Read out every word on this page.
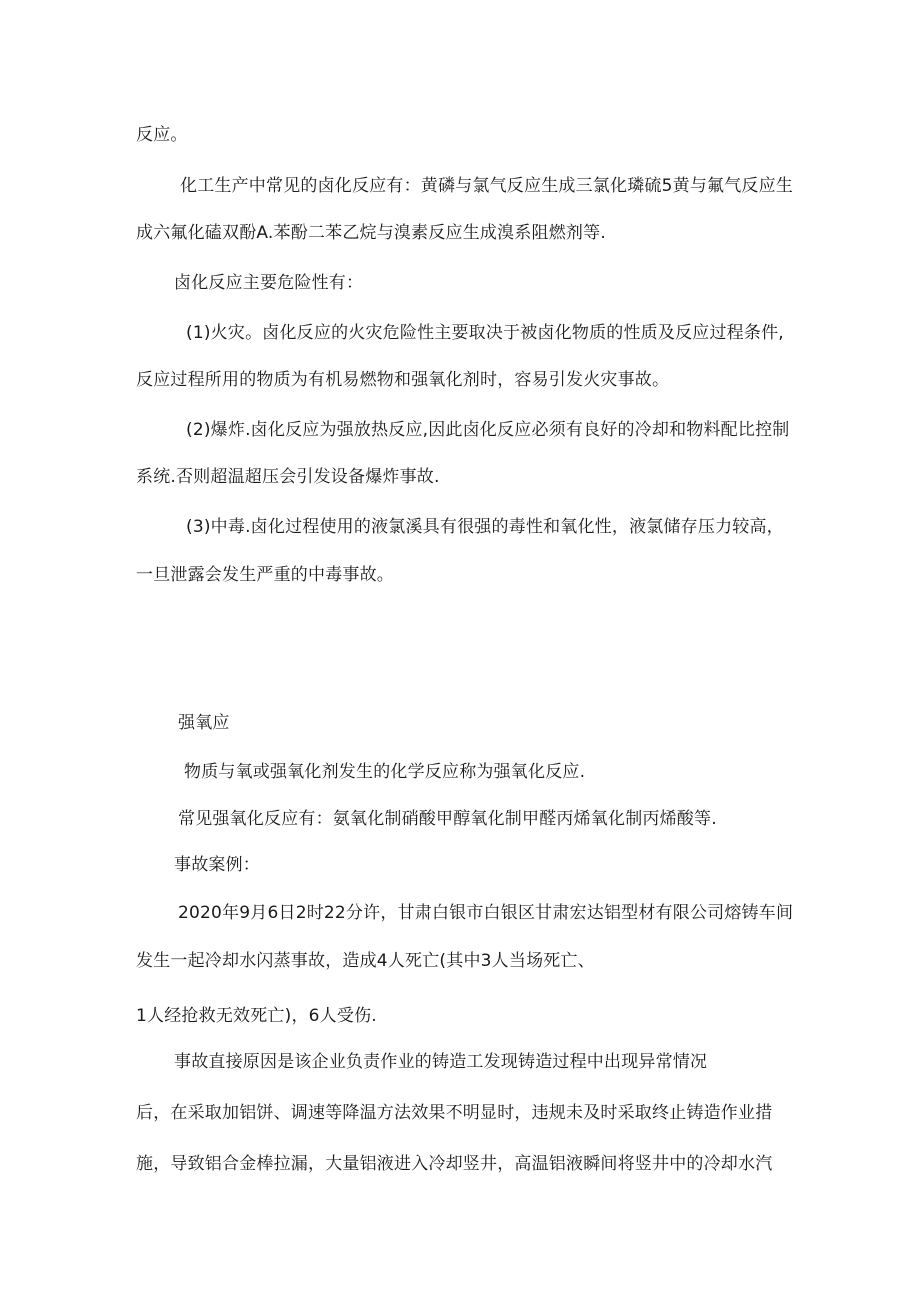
反应。
化工生产中常见的卤化反应有：黄磷与氯气反应生成三氯化璘硫5黄与氟气反应生
成六氟化磕双酚A.苯酚二苯乙烷与溴素反应生成溴系阻燃剂等.
卤化反应主要危险性有：
(1)火灾。卤化反应的火灾危险性主要取决于被卤化物质的性质及反应过程条件,
反应过程所用的物质为有机易燃物和强氧化剂时，容易引发火灾事故。
(2)爆炸.卤化反应为强放热反应,因此卤化反应必须有良好的冷却和物料配比控制
系统.否则超温超压会引发设备爆炸事故.
(3)中毒.卤化过程使用的液氯溪具有很强的毒性和氧化性，液氯储存压力较高，
一旦泄露会发生严重的中毒事故。
强氧应
物质与氧或强氧化剂发生的化学反应称为强氧化反应.
常见强氧化反应有：氨氧化制硝酸甲醇氧化制甲醛丙烯氧化制丙烯酸等.
事故案例：
2020年9月6日2时22分许，甘肃白银市白银区甘肃宏达铝型材有限公司熔铸车间
发生一起冷却水闪蒸事故，造成4人死亡(其中3人当场死亡、
1人经抢救无效死亡)，6人受伤.
事故直接原因是该企业负责作业的铸造工发现铸造过程中出现异常情况
后，在采取加铝饼、调速等降温方法效果不明显时，违规未及时采取终止铸造作业措
施，导致铝合金棒拉漏，大量铝液进入冷却竖井，高温铝液瞬间将竖井中的冷却水汽
